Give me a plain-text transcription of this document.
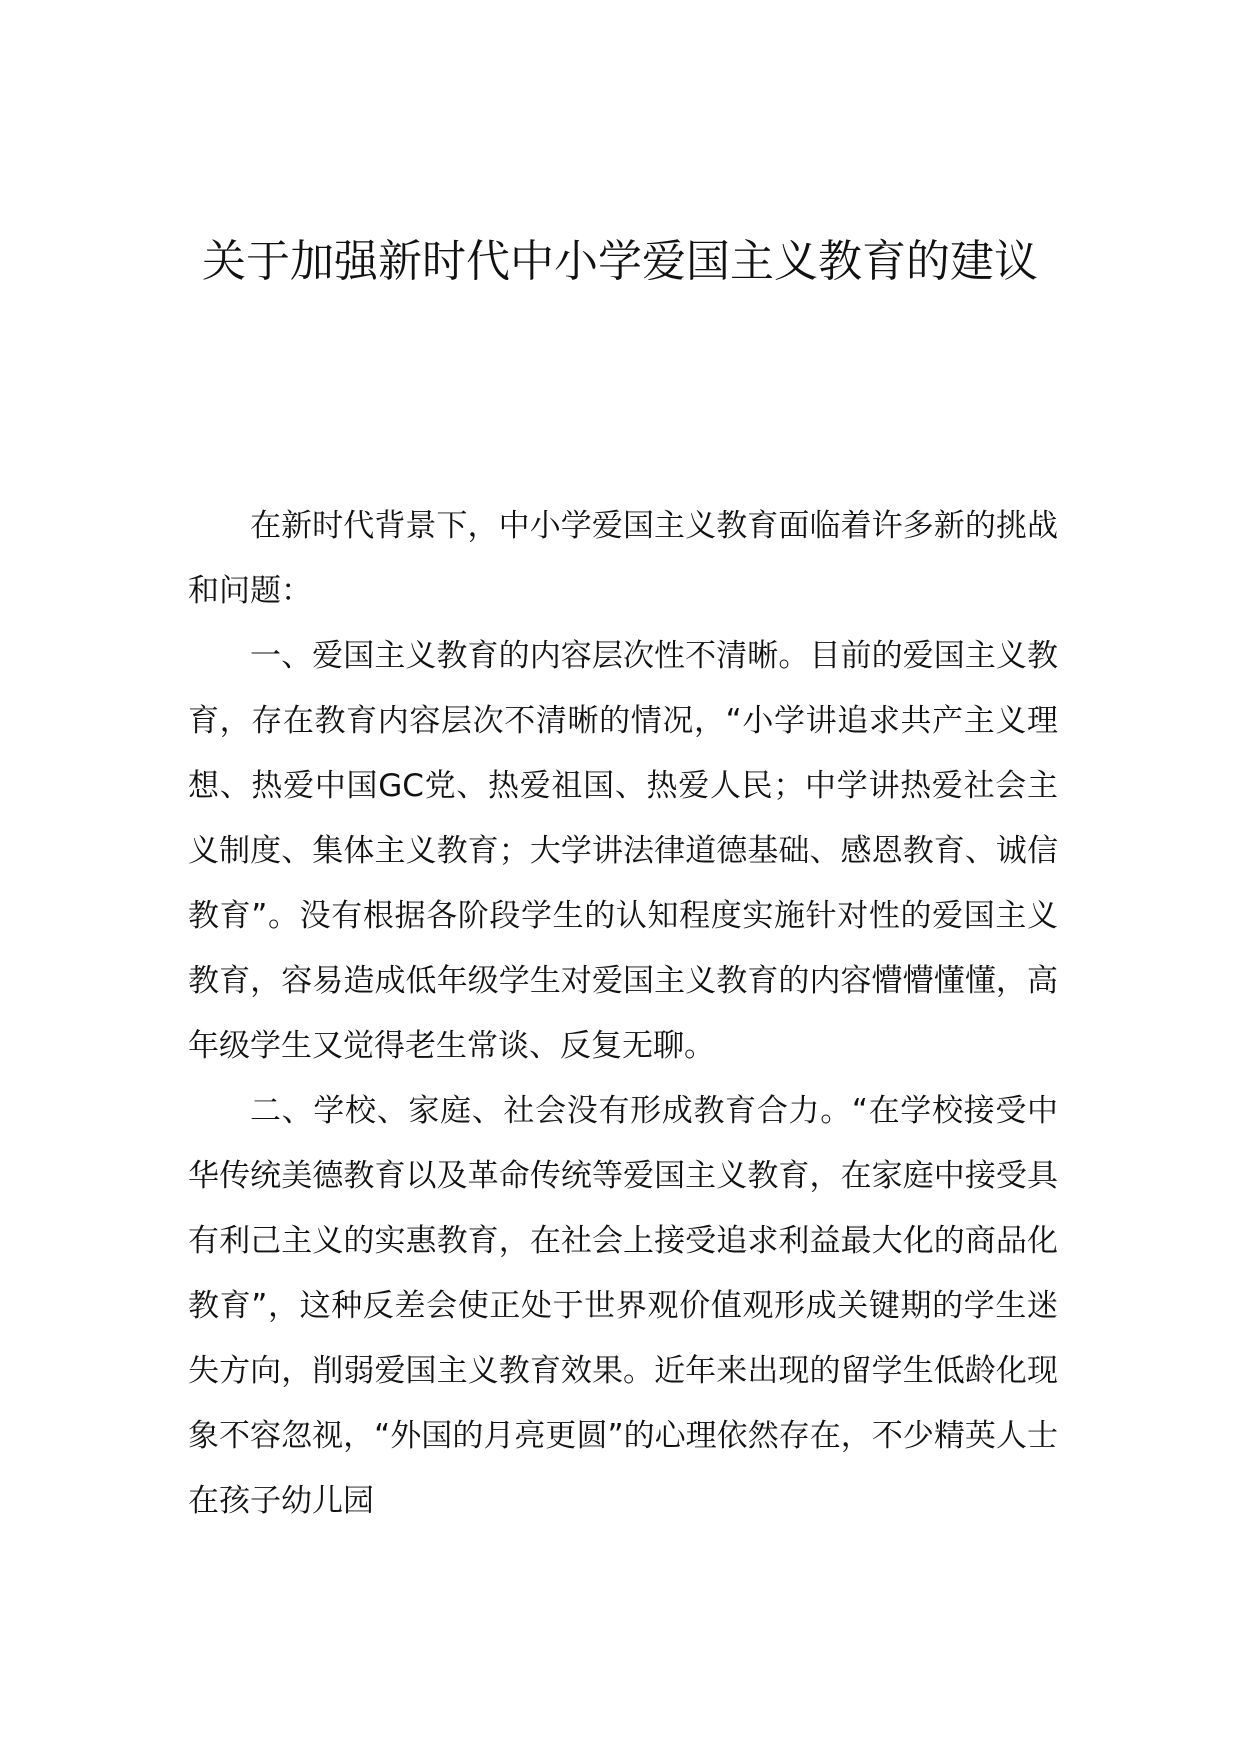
关于加强新时代中小学爱国主义教育的建议

在新时代背景下，中小学爱国主义教育面临着许多新的挑战和问题：

一、爱国主义教育的内容层次性不清晰。目前的爱国主义教育，存在教育内容层次不清晰的情况，“小学讲追求共产主义理想、热爱中国GC党、热爱祖国、热爱人民；中学讲热爱社会主义制度、集体主义教育；大学讲法律道德基础、感恩教育、诚信教育”。没有根据各阶段学生的认知程度实施针对性的爱国主义教育，容易造成低年级学生对爱国主义教育的内容懵懵懂懂，高年级学生又觉得老生常谈、反复无聊。

二、学校、家庭、社会没有形成教育合力。“在学校接受中华传统美德教育以及革命传统等爱国主义教育，在家庭中接受具有利己主义的实惠教育，在社会上接受追求利益最大化的商品化教育”，这种反差会使正处于世界观价值观形成关键期的学生迷失方向，削弱爱国主义教育效果。近年来出现的留学生低龄化现象不容忽视，“外国的月亮更圆”的心理依然存在，不少精英人士在孩子幼儿园
